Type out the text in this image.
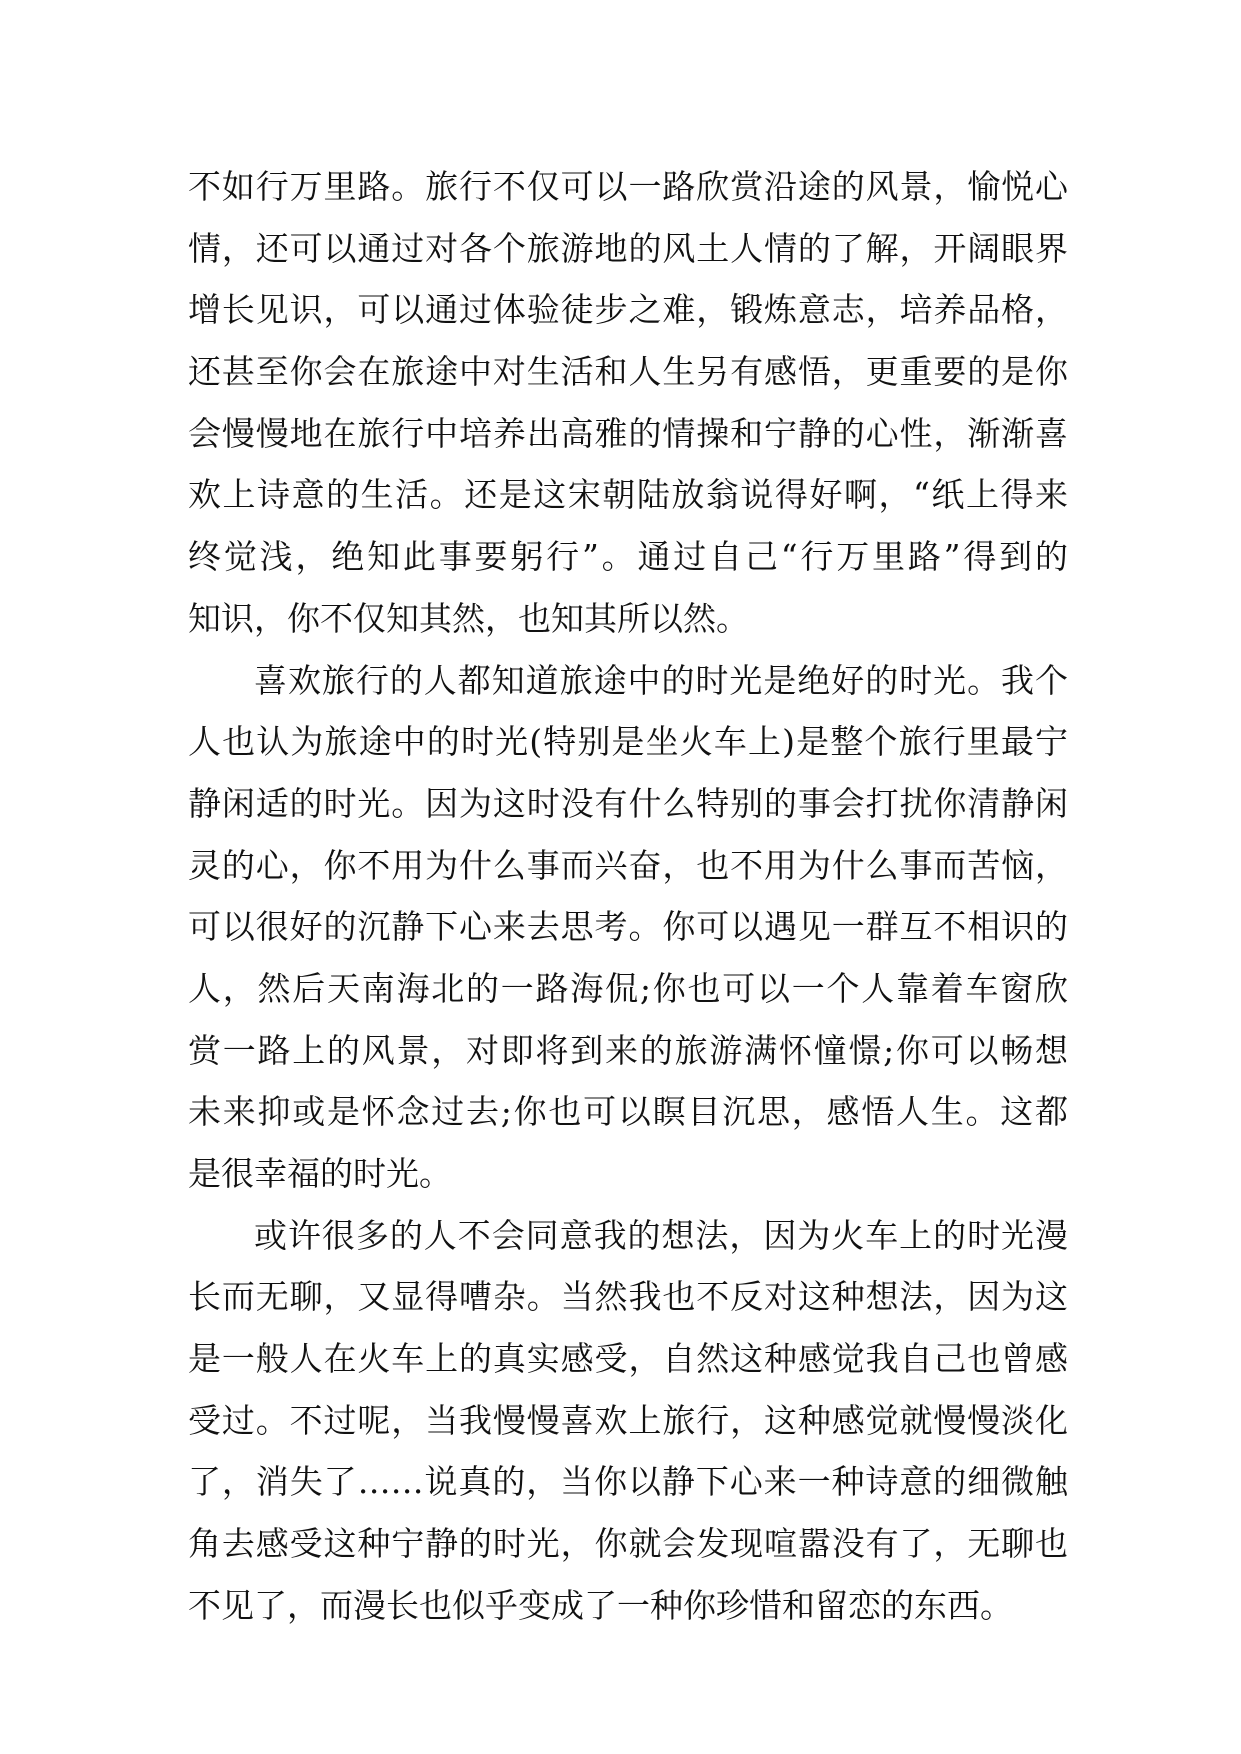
不如行万里路。旅行不仅可以一路欣赏沿途的风景，愉悦心
情，还可以通过对各个旅游地的风土人情的了解，开阔眼界
增长见识，可以通过体验徒步之难，锻炼意志，培养品格，
还甚至你会在旅途中对生活和人生另有感悟，更重要的是你
会慢慢地在旅行中培养出高雅的情操和宁静的心性，渐渐喜
欢上诗意的生活。还是这宋朝陆放翁说得好啊，“纸上得来
终觉浅，绝知此事要躬行”。通过自己“行万里路”得到的
知识，你不仅知其然，也知其所以然。
喜欢旅行的人都知道旅途中的时光是绝好的时光。我个
人也认为旅途中的时光(特别是坐火车上)是整个旅行里最宁
静闲适的时光。因为这时没有什么特别的事会打扰你清静闲
灵的心，你不用为什么事而兴奋，也不用为什么事而苦恼，
可以很好的沉静下心来去思考。你可以遇见一群互不相识的
人，然后天南海北的一路海侃;你也可以一个人靠着车窗欣
赏一路上的风景，对即将到来的旅游满怀憧憬;你可以畅想
未来抑或是怀念过去;你也可以瞑目沉思，感悟人生。这都
是很幸福的时光。
或许很多的人不会同意我的想法，因为火车上的时光漫
长而无聊，又显得嘈杂。当然我也不反对这种想法，因为这
是一般人在火车上的真实感受，自然这种感觉我自己也曾感
受过。不过呢，当我慢慢喜欢上旅行，这种感觉就慢慢淡化
了，消失了……说真的，当你以静下心来一种诗意的细微触
角去感受这种宁静的时光，你就会发现喧嚣没有了，无聊也
不见了，而漫长也似乎变成了一种你珍惜和留恋的东西。
